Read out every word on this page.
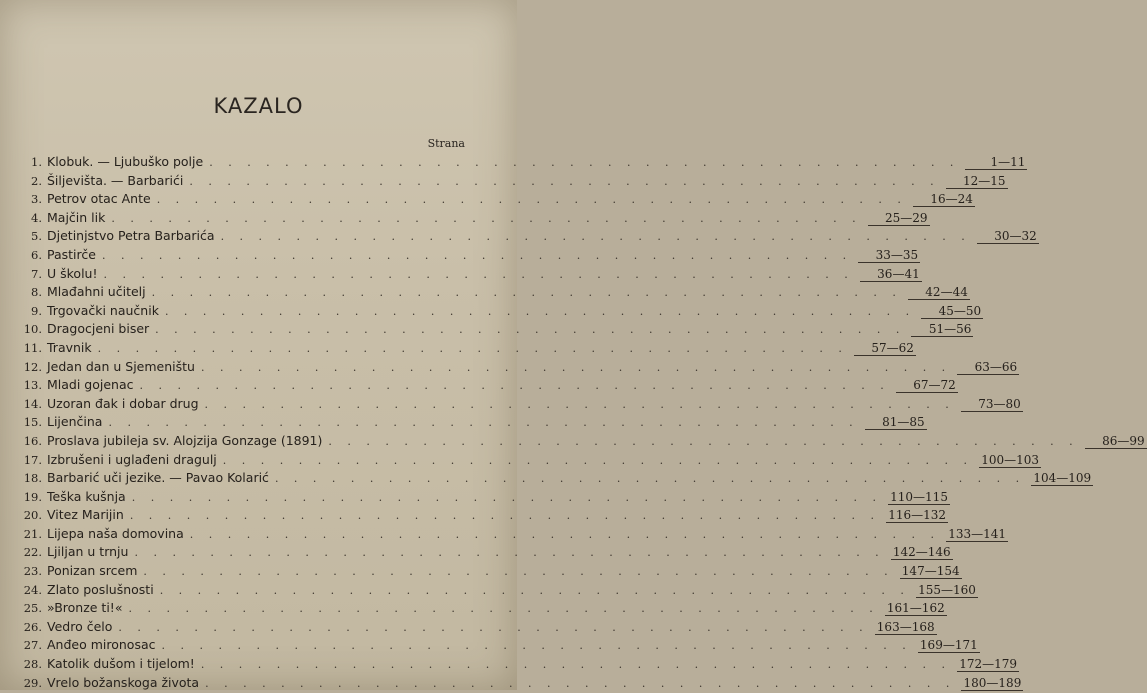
KAZALO
Strana
1. Klobuk. — Ljubuško polje . . . . . . . . . . . . . . . . . . . . . . . . . . . . . . . . . . . . . . . .	1—11
2. Šiljevišta. — Barbarići . . . . . . . . . . . . . . . . . . . . . . . . . . . . . . . . . . . . . . . .	12—15
3. Petrov otac Ante . . . . . . . . . . . . . . . . . . . . . . . . . . . . . . . . . . . . . . . .	16—24
4. Majčin lik . . . . . . . . . . . . . . . . . . . . . . . . . . . . . . . . . . . . . . . .	25—29
5. Djetinjstvo Petra Barbarića . . . . . . . . . . . . . . . . . . . . . . . . . . . . . . . . . . . . . . . .	30—32
6. Pastirče . . . . . . . . . . . . . . . . . . . . . . . . . . . . . . . . . . . . . . . .	33—35
7. U školu! . . . . . . . . . . . . . . . . . . . . . . . . . . . . . . . . . . . . . . . .	36—41
8. Mlađahni učitelj . . . . . . . . . . . . . . . . . . . . . . . . . . . . . . . . . . . . . . . .	42—44
9. Trgovački naučnik . . . . . . . . . . . . . . . . . . . . . . . . . . . . . . . . . . . . . . . .	45—50
10. Dragocjeni biser . . . . . . . . . . . . . . . . . . . . . . . . . . . . . . . . . . . . . . . .	51—56
11. Travnik . . . . . . . . . . . . . . . . . . . . . . . . . . . . . . . . . . . . . . . .	57—62
12. Jedan dan u Sjemeništu . . . . . . . . . . . . . . . . . . . . . . . . . . . . . . . . . . . . . . . .	63—66
13. Mladi gojenac . . . . . . . . . . . . . . . . . . . . . . . . . . . . . . . . . . . . . . . .	67—72
14. Uzoran đak i dobar drug . . . . . . . . . . . . . . . . . . . . . . . . . . . . . . . . . . . . . . . .	73—80
15. Lijenčina . . . . . . . . . . . . . . . . . . . . . . . . . . . . . . . . . . . . . . . .	81—85
16. Proslava jubileja sv. Alojzija Gonzage (1891) . . . . . . . . . . . . . . . . . . . . . . . . . . . . . . . . . . . . . . . .	86—99
17. Izbrušeni i uglađeni dragulj . . . . . . . . . . . . . . . . . . . . . . . . . . . . . . . . . . . . . . . . 100—103
18. Barbarić uči jezike. — Pavao Kolarić . . . . . . . . . . . . . . . . . . . . . . . . . . . . . . . . . . . . . . . . 104—109
19. Teška kušnja . . . . . . . . . . . . . . . . . . . . . . . . . . . . . . . . . . . . . . . . 110—115
20. Vitez Marijin . . . . . . . . . . . . . . . . . . . . . . . . . . . . . . . . . . . . . . . . 116—132
21. Lijepa naša domovina . . . . . . . . . . . . . . . . . . . . . . . . . . . . . . . . . . . . . . . . 133—141
22. Ljiljan u trnju . . . . . . . . . . . . . . . . . . . . . . . . . . . . . . . . . . . . . . . . 142—146
23. Ponizan srcem . . . . . . . . . . . . . . . . . . . . . . . . . . . . . . . . . . . . . . . . 147—154
24. Zlato poslušnosti . . . . . . . . . . . . . . . . . . . . . . . . . . . . . . . . . . . . . . . . 155—160
25. »Bronze ti!« . . . . . . . . . . . . . . . . . . . . . . . . . . . . . . . . . . . . . . . . 161—162
26. Vedro čelo . . . . . . . . . . . . . . . . . . . . . . . . . . . . . . . . . . . . . . . . 163—168
27. Anđeo mironosac . . . . . . . . . . . . . . . . . . . . . . . . . . . . . . . . . . . . . . . . 169—171
28. Katolik dušom i tijelom! . . . . . . . . . . . . . . . . . . . . . . . . . . . . . . . . . . . . . . . . 172—179
29. Vrelo božanskoga života . . . . . . . . . . . . . . . . . . . . . . . . . . . . . . . . . . . . . . . . 180—189
